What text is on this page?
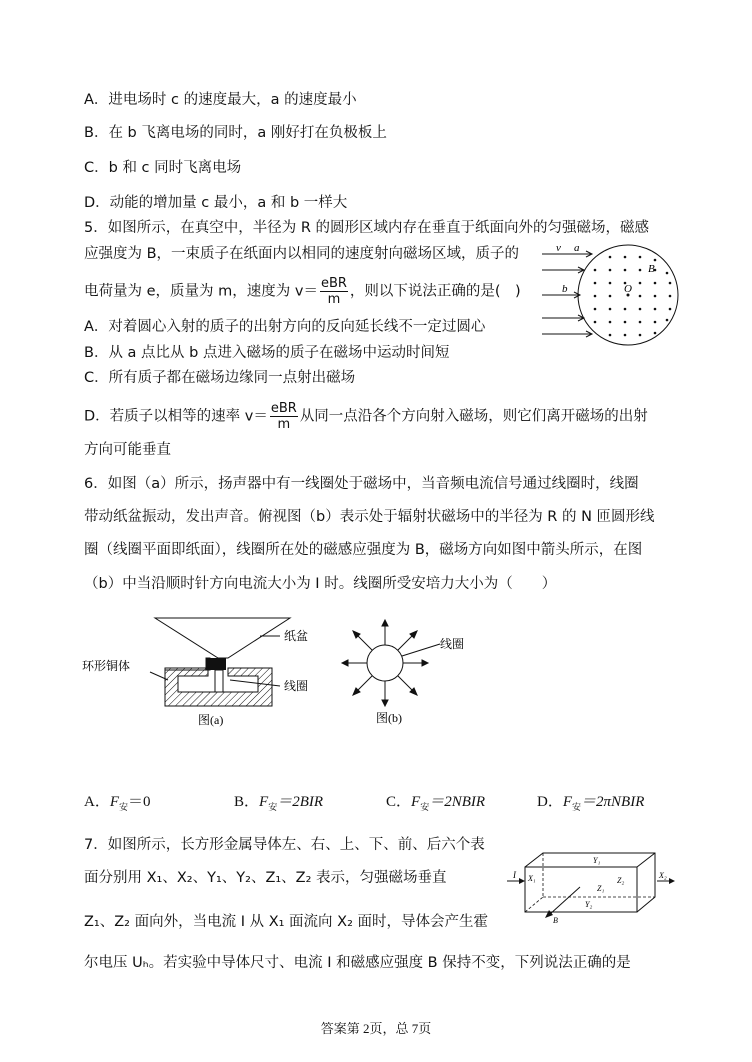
A．进电场时 c 的速度最大，a 的速度最小
B．在 b 飞离电场的同时，a 刚好打在负极板上
C．b 和 c 同时飞离电场
D．动能的增加量 c 最小，a 和 b 一样大
5．如图所示，在真空中，半径为 R 的圆形区域内存在垂直于纸面向外的匀强磁场，磁感
应强度为 B，一束质子在纸面内以相同的速度射向磁场区域，质子的
电荷量为 e，质量为 m，速度为 $v= \frac{\text{eBR}}{m}$ ，则以下说法正确的是(　)
A．对着圆心入射的质子的出射方向的反向延长线不一定过圆心
B．从 a 点比从 b 点进入磁场的质子在磁场中运动时间短
C．所有质子都在磁场边缘同一点射出磁场
D．若质子以相等的速率 $v= \frac{\text{eBR}}{m}$ 从同一点沿各个方向射入磁场，则它们离开磁场的出射
方向可能垂直
v a
b
B
O
6．如图（a）所示，扬声器中有一线圈处于磁场中，当音频电流信号通过线圈时，线圈
带动纸盆振动，发出声音。俯视图（b）表示处于辐射状磁场中的半径为 R 的 N 匝圆形线
圈（线圈平面即纸面），线圈所在处的磁感应强度为 B，磁场方向如图中箭头所示，在图
（b）中当沿顺时针方向电流大小为 I 时。线圈所受安培力大小为（　　）
纸盆
环形铜体
线圈
图(a)
线圈
图(b)
A．$F_安=0$	B．$F_安=2BIR$	C．$F_安=2NBIR$	D．$F_安=2\pi NBIR$
7．如图所示，长方形金属导体左、右、上、下、前、后六个表
面分别用 X₁、X₂、Y₁、Y₂、Z₁、Z₂ 表示，匀强磁场垂直
Z₁、Z₂ 面向外，当电流 I 从 X₁ 面流向 X₂ 面时，导体会产生霍
尔电压 Uₕ。若实验中导体尺寸、电流 I 和磁感应强度 B 保持不变，下列说法正确的是
I X₁	X₂
Y₁
Y₂
Z₁
Z₂
B
答案第 2页，总 7页
